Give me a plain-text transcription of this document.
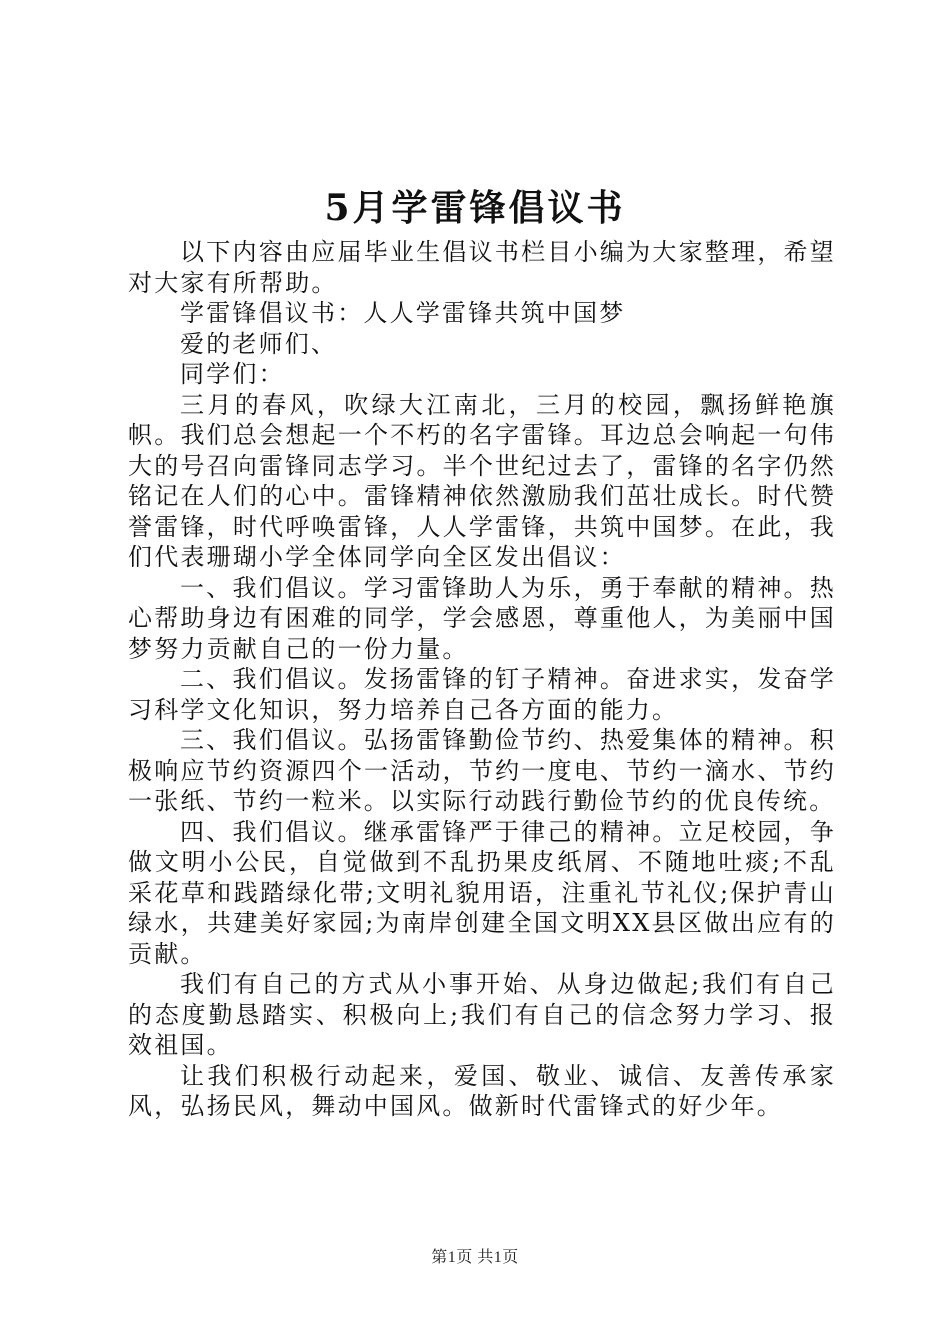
5月学雷锋倡议书

以下内容由应届毕业生倡议书栏目小编为大家整理，希望对大家有所帮助。

学雷锋倡议书：人人学雷锋共筑中国梦

爱的老师们、

同学们：

三月的春风，吹绿大江南北，三月的校园，飘扬鲜艳旗帜。我们总会想起一个不朽的名字雷锋。耳边总会响起一句伟大的号召向雷锋同志学习。半个世纪过去了，雷锋的名字仍然铭记在人们的心中。雷锋精神依然激励我们茁壮成长。时代赞誉雷锋，时代呼唤雷锋，人人学雷锋，共筑中国梦。在此，我们代表珊瑚小学全体同学向全区发出倡议：

一、我们倡议。学习雷锋助人为乐，勇于奉献的精神。热心帮助身边有困难的同学，学会感恩，尊重他人，为美丽中国梦努力贡献自己的一份力量。

二、我们倡议。发扬雷锋的钉子精神。奋进求实，发奋学习科学文化知识，努力培养自己各方面的能力。

三、我们倡议。弘扬雷锋勤俭节约、热爱集体的精神。积极响应节约资源四个一活动，节约一度电、节约一滴水、节约一张纸、节约一粒米。以实际行动践行勤俭节约的优良传统。

四、我们倡议。继承雷锋严于律己的精神。立足校园，争做文明小公民，自觉做到不乱扔果皮纸屑、不随地吐痰;不乱采花草和践踏绿化带;文明礼貌用语，注重礼节礼仪;保护青山绿水，共建美好家园;为南岸创建全国文明XX县区做出应有的贡献。

我们有自己的方式从小事开始、从身边做起;我们有自己的态度勤恳踏实、积极向上;我们有自己的信念努力学习、报效祖国。

让我们积极行动起来，爱国、敬业、诚信、友善传承家风，弘扬民风，舞动中国风。做新时代雷锋式的好少年。

第1页 共1页
